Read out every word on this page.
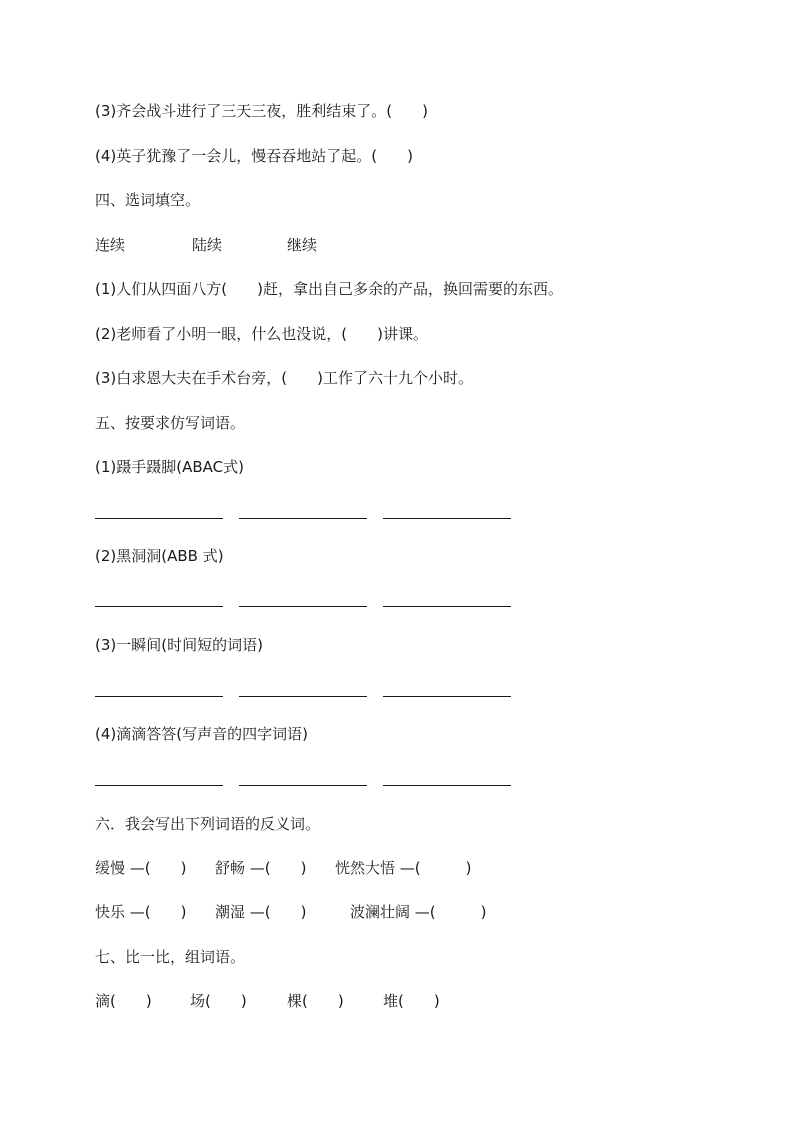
(3)齐会战斗进行了三天三夜，胜利结束了。(　　)
(4)英子犹豫了一会儿，慢吞吞地站了起。(　　)
四、选词填空。
连续	陆续	继续
(1)人们从四面八方(　　)赶，拿出自己多余的产品，换回需要的东西。
(2)老师看了小明一眼，什么也没说，(　　)讲课。
(3)白求恩大夫在手术台旁，(　　)工作了六十九个小时。
五、按要求仿写词语。
(1)蹑手蹑脚(ABAC式)
(2)黑洞洞(ABB 式)
(3)一瞬间(时间短的词语)
(4)滴滴答答(写声音的四字词语)
六．我会写出下列词语的反义词。
缓慢 —(　　) 舒畅 —(　　) 恍然大悟 —(　　　)
快乐 —(　　) 潮湿 —(　　)	波澜壮阔 —(　　　)
七、比一比，组词语。
滴(　　)	场(　　)	棵(　　)	堆(　　)
